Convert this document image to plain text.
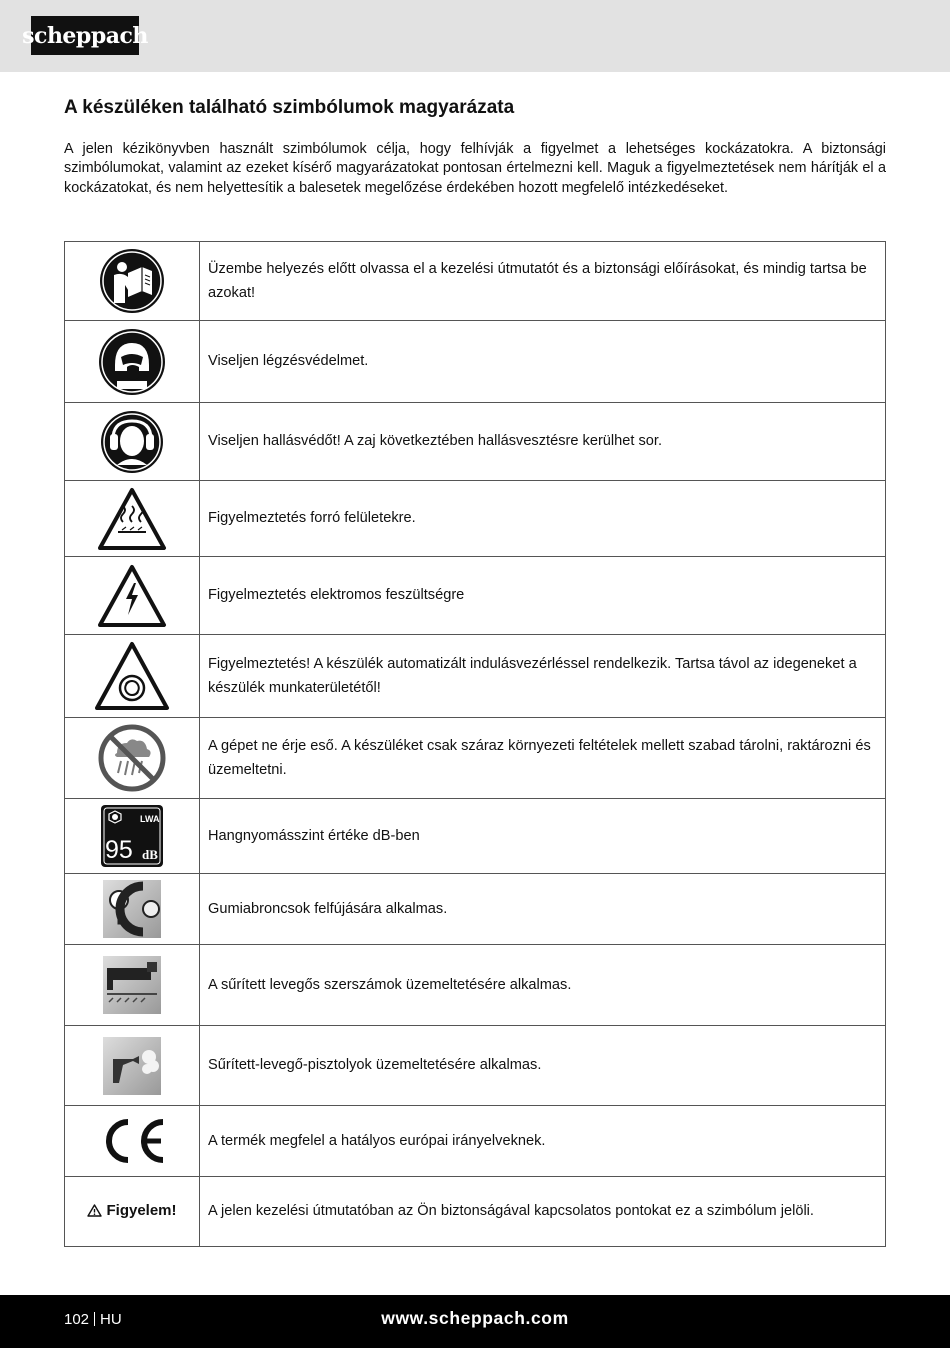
scheppach
A készüléken található szimbólumok magyarázata

A jelen kézikönyvben használt szimbólumok célja, hogy felhívják a figyelmet a lehetséges kockázatokra. A biztonsági szimbólumokat, valamint az ezeket kísérő magyarázatokat pontosan értelmezni kell. Maguk a figyelmeztetések nem hárítják el a kockázatokat, és nem helyettesítik a balesetek megelőzése érdekében hozott megfelelő intézkedéseket.

	Üzembe helyezés előtt olvassa el a kezelési útmutatót és a biztonsági előírásokat, és mindig tartsa be azokat!

	Viseljen légzésvédelmet.

	Viseljen hallásvédőt! A zaj következtében hallásvesztésre kerülhet sor.

	Figyelmeztetés forró felületekre.

	Figyelmeztetés elektromos feszültségre

	Figyelmeztetés! A készülék automatizált indulásvezérléssel rendelkezik. Tartsa távol az idegeneket a készülék munkaterületétől!

	A gépet ne érje eső. A készüléket csak száraz környezeti feltételek mellett szabad tárolni, raktározni és üzemeltetni.

LWA
95 dB	Hangnyomásszint értéke dB-ben

	Gumiabroncsok felfújására alkalmas.

	A sűrített levegős szerszámok üzemeltetésére alkalmas.

	Sűrített-levegő-pisztolyok üzemeltetésére alkalmas.

	A termék megfelel a hatályos európai irányelveknek.

Figyelem!	A jelen kezelési útmutatóban az Ön biztonságával kapcsolatos pontokat ez a szimbólum jelöli.
102 HU	www.scheppach.com
